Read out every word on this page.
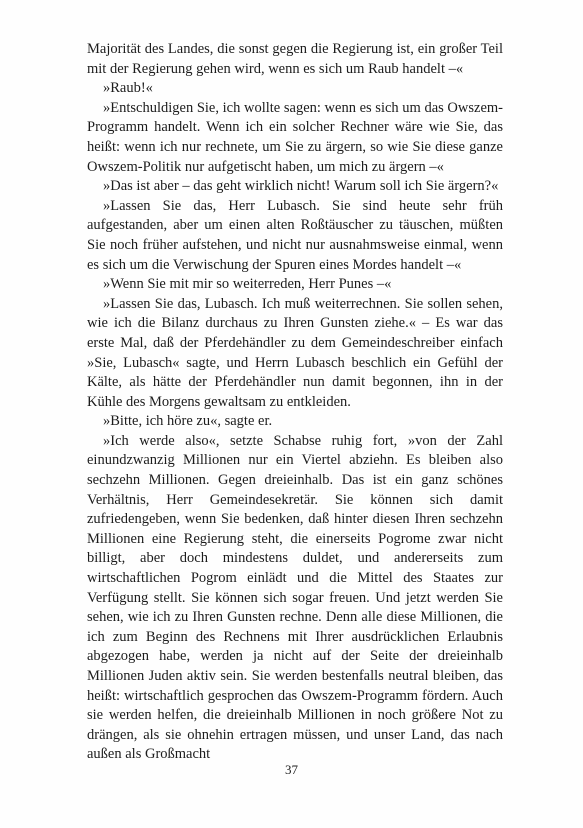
Majorität des Landes, die sonst gegen die Regierung ist, ein großer Teil mit der Regierung gehen wird, wenn es sich um Raub handelt –«

»Raub!«

»Entschuldigen Sie, ich wollte sagen: wenn es sich um das Owszem-Programm handelt. Wenn ich ein solcher Rechner wäre wie Sie, das heißt: wenn ich nur rechnete, um Sie zu ärgern, so wie Sie diese ganze Owszem-Politik nur aufgetischt haben, um mich zu ärgern –«

»Das ist aber – das geht wirklich nicht! Warum soll ich Sie ärgern?«

»Lassen Sie das, Herr Lubasch. Sie sind heute sehr früh aufgestanden, aber um einen alten Roßtäuscher zu täuschen, müßten Sie noch früher aufstehen, und nicht nur ausnahmsweise einmal, wenn es sich um die Verwischung der Spuren eines Mordes handelt –«

»Wenn Sie mit mir so weiterreden, Herr Punes –«

»Lassen Sie das, Lubasch. Ich muß weiterrechnen. Sie sollen sehen, wie ich die Bilanz durchaus zu Ihren Gunsten ziehe.« – Es war das erste Mal, daß der Pferdehändler zu dem Gemeindeschreiber einfach »Sie, Lubasch« sagte, und Herrn Lubasch beschlich ein Gefühl der Kälte, als hätte der Pferdehändler nun damit begonnen, ihn in der Kühle des Morgens gewaltsam zu entkleiden.

»Bitte, ich höre zu«, sagte er.

»Ich werde also«, setzte Schabse ruhig fort, »von der Zahl einundzwanzig Millionen nur ein Viertel abziehn. Es bleiben also sechzehn Millionen. Gegen dreieinhalb. Das ist ein ganz schönes Verhältnis, Herr Gemeindesekretär. Sie können sich damit zufriedengeben, wenn Sie bedenken, daß hinter diesen Ihren sechzehn Millionen eine Regierung steht, die einerseits Pogrome zwar nicht billigt, aber doch mindestens duldet, und andererseits zum wirtschaftlichen Pogrom einlädt und die Mittel des Staates zur Verfügung stellt. Sie können sich sogar freuen. Und jetzt werden Sie sehen, wie ich zu Ihren Gunsten rechne. Denn alle diese Millionen, die ich zum Beginn des Rechnens mit Ihrer ausdrücklichen Erlaubnis abgezogen habe, werden ja nicht auf der Seite der dreieinhalb Millionen Juden aktiv sein. Sie werden bestenfalls neutral bleiben, das heißt: wirtschaftlich gesprochen das Owszem-Programm fördern. Auch sie werden helfen, die dreieinhalb Millionen in noch größere Not zu drängen, als sie ohnehin ertragen müssen, und unser Land, das nach außen als Großmacht

37
